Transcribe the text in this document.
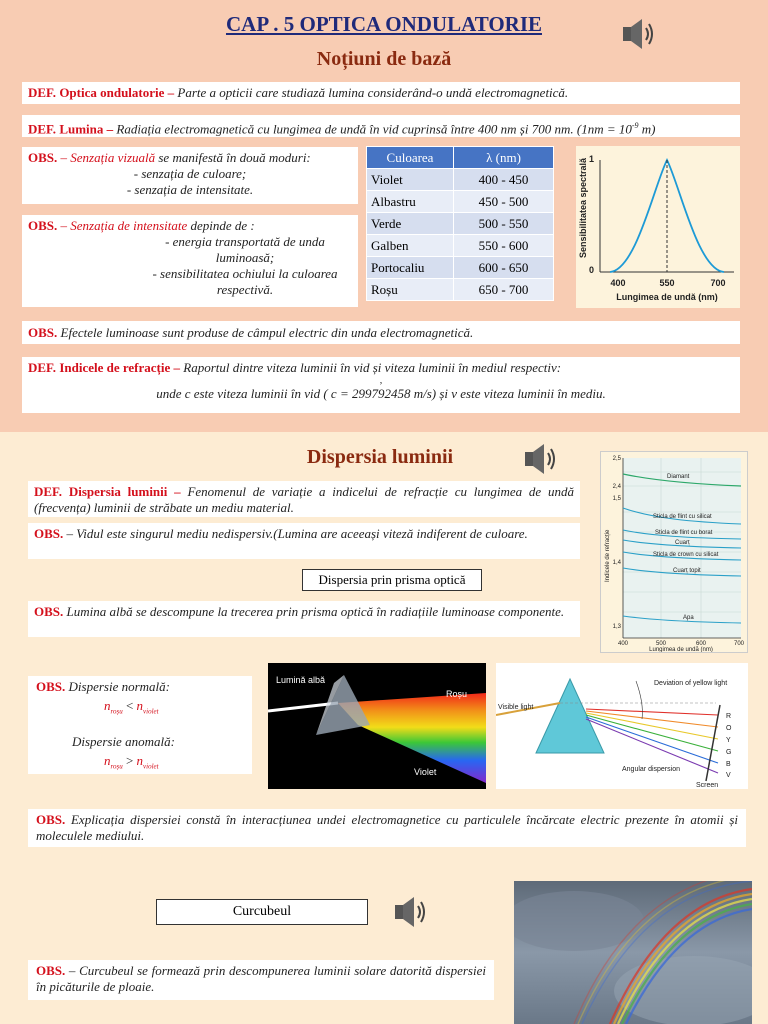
CAP . 5 OPTICA ONDULATORIE
Noțiuni de bază
DEF. Optica ondulatorie – Parte a opticii care studiază lumina considerând-o undă electromagnetică.
DEF. Lumina – Radiația electromagnetică cu lungimea de undă în vid cuprinsă între 400 nm și 700 nm. ($1nm = 10^{-9}$ m)
OBS. – Senzația vizuală se manifestă în două moduri:
- senzația de culoare;
- senzația de intensitate.
OBS. – Senzația de intensitate depinde de :
- energia transportată de unda luminoasă;
- sensibilitatea ochiului la culoarea respectivă.
Culoarea	λ (nm)
Violet	400 - 450
Albastru	450 - 500
Verde	500 - 550
Galben	550 - 600
Portocaliu	600 - 650
Roșu	650 - 700
1
0
400	550	700
Lungimea de undă (nm)
Sensibilitatea spectrală
OBS. Efectele luminoase sunt produse de câmpul electric din unda electromagnetică.
DEF. Indicele de refracție – Raportul dintre viteza luminii în vid și viteza luminii în mediul respectiv:
,
unde c este viteza luminii în vid ( c = 299792458 m/s) și v este viteza luminii în mediu.
Dispersia luminii
DEF. Dispersia luminii – Fenomenul de variație a indicelui de refracție cu lungimea de undă (frecvența) luminii de străbate un mediu material.
OBS. – Vidul este singurul mediu nedispersiv.(Lumina are aceeași viteză indiferent de culoare.
Dispersia prin prisma optică
OBS. Lumina albă se descompune la trecerea prin prisma optică în radiațiile luminoase componente.
Diamant
Sticla de flint cu silicat
Sticla de flint cu borat
Cuarț
Sticla de crown cu silicat
Cuarț topit
Apa
2,5
2,4
1,5
1,4
1,3
400	500	600	700
Lungimea de undă (nm)
Indicele de refracție
OBS. Dispersie normală:
$n_{roșu} < n_{violet}$
Dispersie anomală:
$n_{roșu} > n_{violet}$
Lumină albă
Roșu
Violet
Visible light
Deviation of yellow light
Angular dispersion
Screen
R
O
Y
G
B
V
OBS. Explicația dispersiei constă în interacțiunea undei electromagnetice cu particulele încărcate electric prezente în atomii și moleculele mediului.
Curcubeul
OBS. – Curcubeul se formează prin descompunerea luminii solare datorită dispersiei în picăturile de ploaie.
